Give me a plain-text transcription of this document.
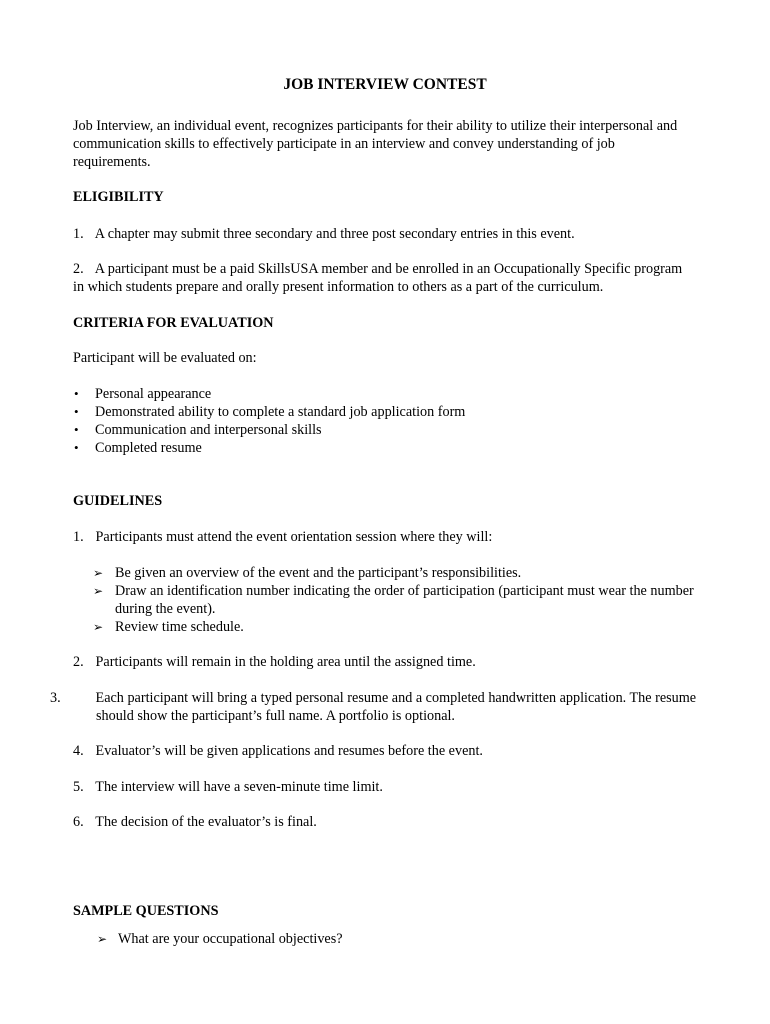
JOB INTERVIEW CONTEST
Job Interview, an individual event, recognizes participants for their ability to utilize their interpersonal and communication skills to effectively participate in an interview and convey understanding of job requirements.
ELIGIBILITY
1. A chapter may submit three secondary and three post secondary entries in this event.
2. A participant must be a paid SkillsUSA member and be enrolled in an Occupationally Specific program in which students prepare and orally present information to others as a part of the curriculum.
CRITERIA FOR EVALUATION
Participant will be evaluated on:
• Personal appearance
• Demonstrated ability to complete a standard job application form
• Communication and interpersonal skills
• Completed resume
GUIDELINES
1. Participants must attend the event orientation session where they will:
➢ Be given an overview of the event and the participant’s responsibilities.
➢ Draw an identification number indicating the order of participation (participant must wear the number during the event).
➢ Review time schedule.
2. Participants will remain in the holding area until the assigned time.
3. Each participant will bring a typed personal resume and a completed handwritten application. The resume should show the participant’s full name. A portfolio is optional.
4. Evaluator’s will be given applications and resumes before the event.
5. The interview will have a seven-minute time limit.
6. The decision of the evaluator’s is final.
SAMPLE QUESTIONS
➢ What are your occupational objectives?
